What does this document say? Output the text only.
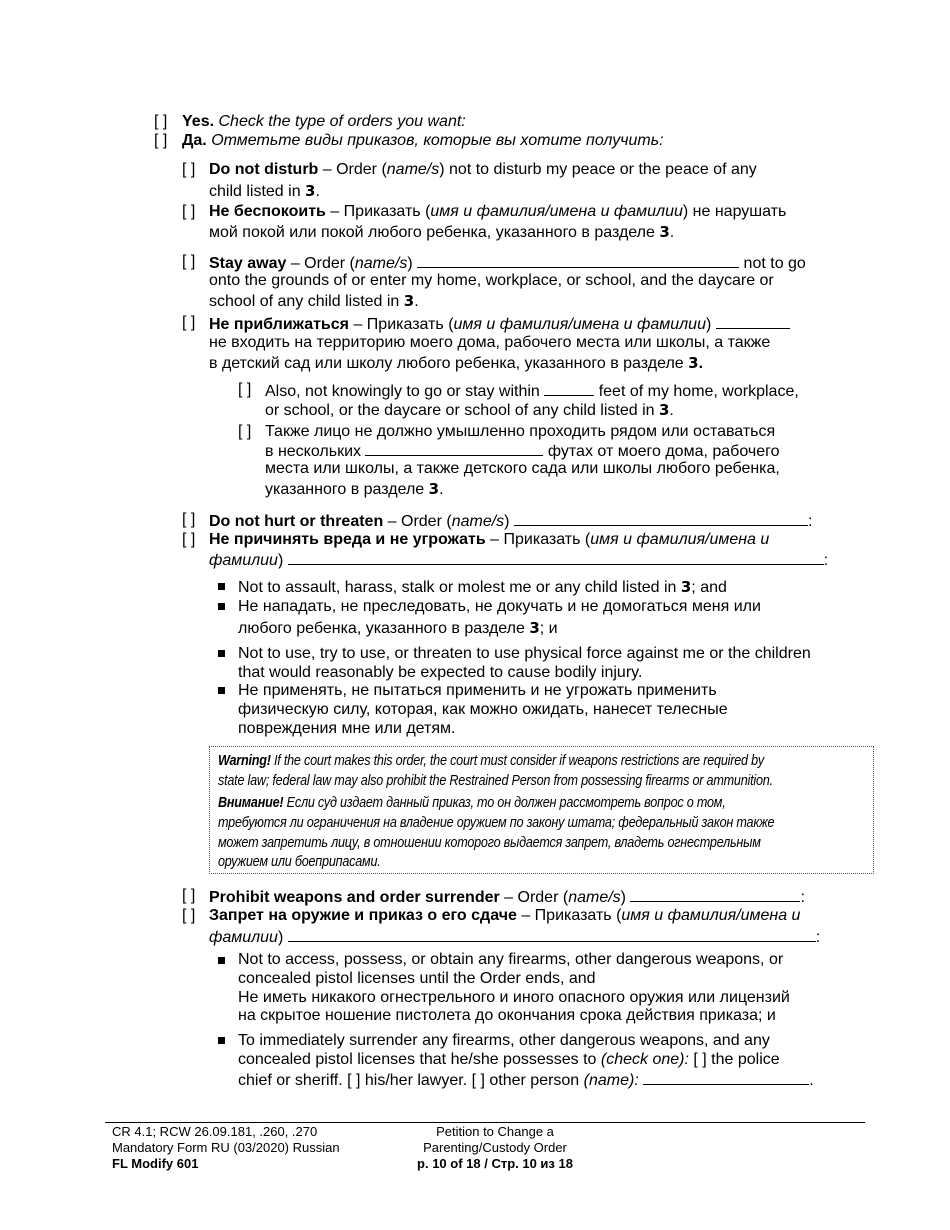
[ ] Yes. Check the type of orders you want:
[ ] Да. Отметьте виды приказов, которые вы хотите получить:
[ ] Do not disturb – Order (name/s) not to disturb my peace or the peace of any
child listed in 3.
[ ] Не беспокоить – Приказать (имя и фамилия/имена и фамилии) не нарушать
мой покой или покой любого ребенка, указанного в разделе 3.
[ ] Stay away – Order (name/s)	not to go
onto the grounds of or enter my home, workplace, or school, and the daycare or
school of any child listed in 3.
[ ] Не приближаться – Приказать (имя и фамилия/имена и фамилии)
не входить на территорию моего дома, рабочего места или школы, а также
в детский сад или школу любого ребенка, указанного в разделе 3.
[ ] Also, not knowingly to go or stay within	feet of my home, workplace,
or school, or the daycare or school of any child listed in 3.
[ ] Также лицо не должно умышленно проходить рядом или оставаться
в нескольких	футах от моего дома, рабочего
места или школы, а также детского сада или школы любого ребенка,
указанного в разделе 3.
[ ] Do not hurt or threaten – Order (name/s)	:
[ ] Не причинять вреда и не угрожать – Приказать (имя и фамилия/имена и
фамилии)	:
Not to assault, harass, stalk or molest me or any child listed in 3; and
Не нападать, не преследовать, не докучать и не домогаться меня или
любого ребенка, указанного в разделе 3; и
Not to use, try to use, or threaten to use physical force against me or the children
that would reasonably be expected to cause bodily injury.
Не применять, не пытаться применить и не угрожать применить
физическую силу, которая, как можно ожидать, нанесет телесные
повреждения мне или детям.
Warning! If the court makes this order, the court must consider if weapons restrictions are required by
state law; federal law may also prohibit the Restrained Person from possessing firearms or ammunition.
Внимание! Если суд издает данный приказ, то он должен рассмотреть вопрос о том,
требуются ли ограничения на владение оружием по закону штата; федеральный закон также
может запретить лицу, в отношении которого выдается запрет, владеть огнестрельным
оружием или боеприпасами.
[ ] Prohibit weapons and order surrender – Order (name/s)	:
[ ] Запрет на оружие и приказ о его сдаче – Приказать (имя и фамилия/имена и
фамилии)	:
Not to access, possess, or obtain any firearms, other dangerous weapons, or
concealed pistol licenses until the Order ends, and
Не иметь никакого огнестрельного и иного опасного оружия или лицензий
на скрытое ношение пистолета до окончания срока действия приказа; и
To immediately surrender any firearms, other dangerous weapons, and any
concealed pistol licenses that he/she possesses to (check one): [ ] the police
chief or sheriff. [ ] his/her lawyer. [ ] other person (name):	.
CR 4.1; RCW 26.09.181, .260, .270
Mandatory Form RU (03/2020) Russian
FL Modify 601
Petition to Change a
Parenting/Custody Order
p. 10 of 18 / Стр. 10 из 18
